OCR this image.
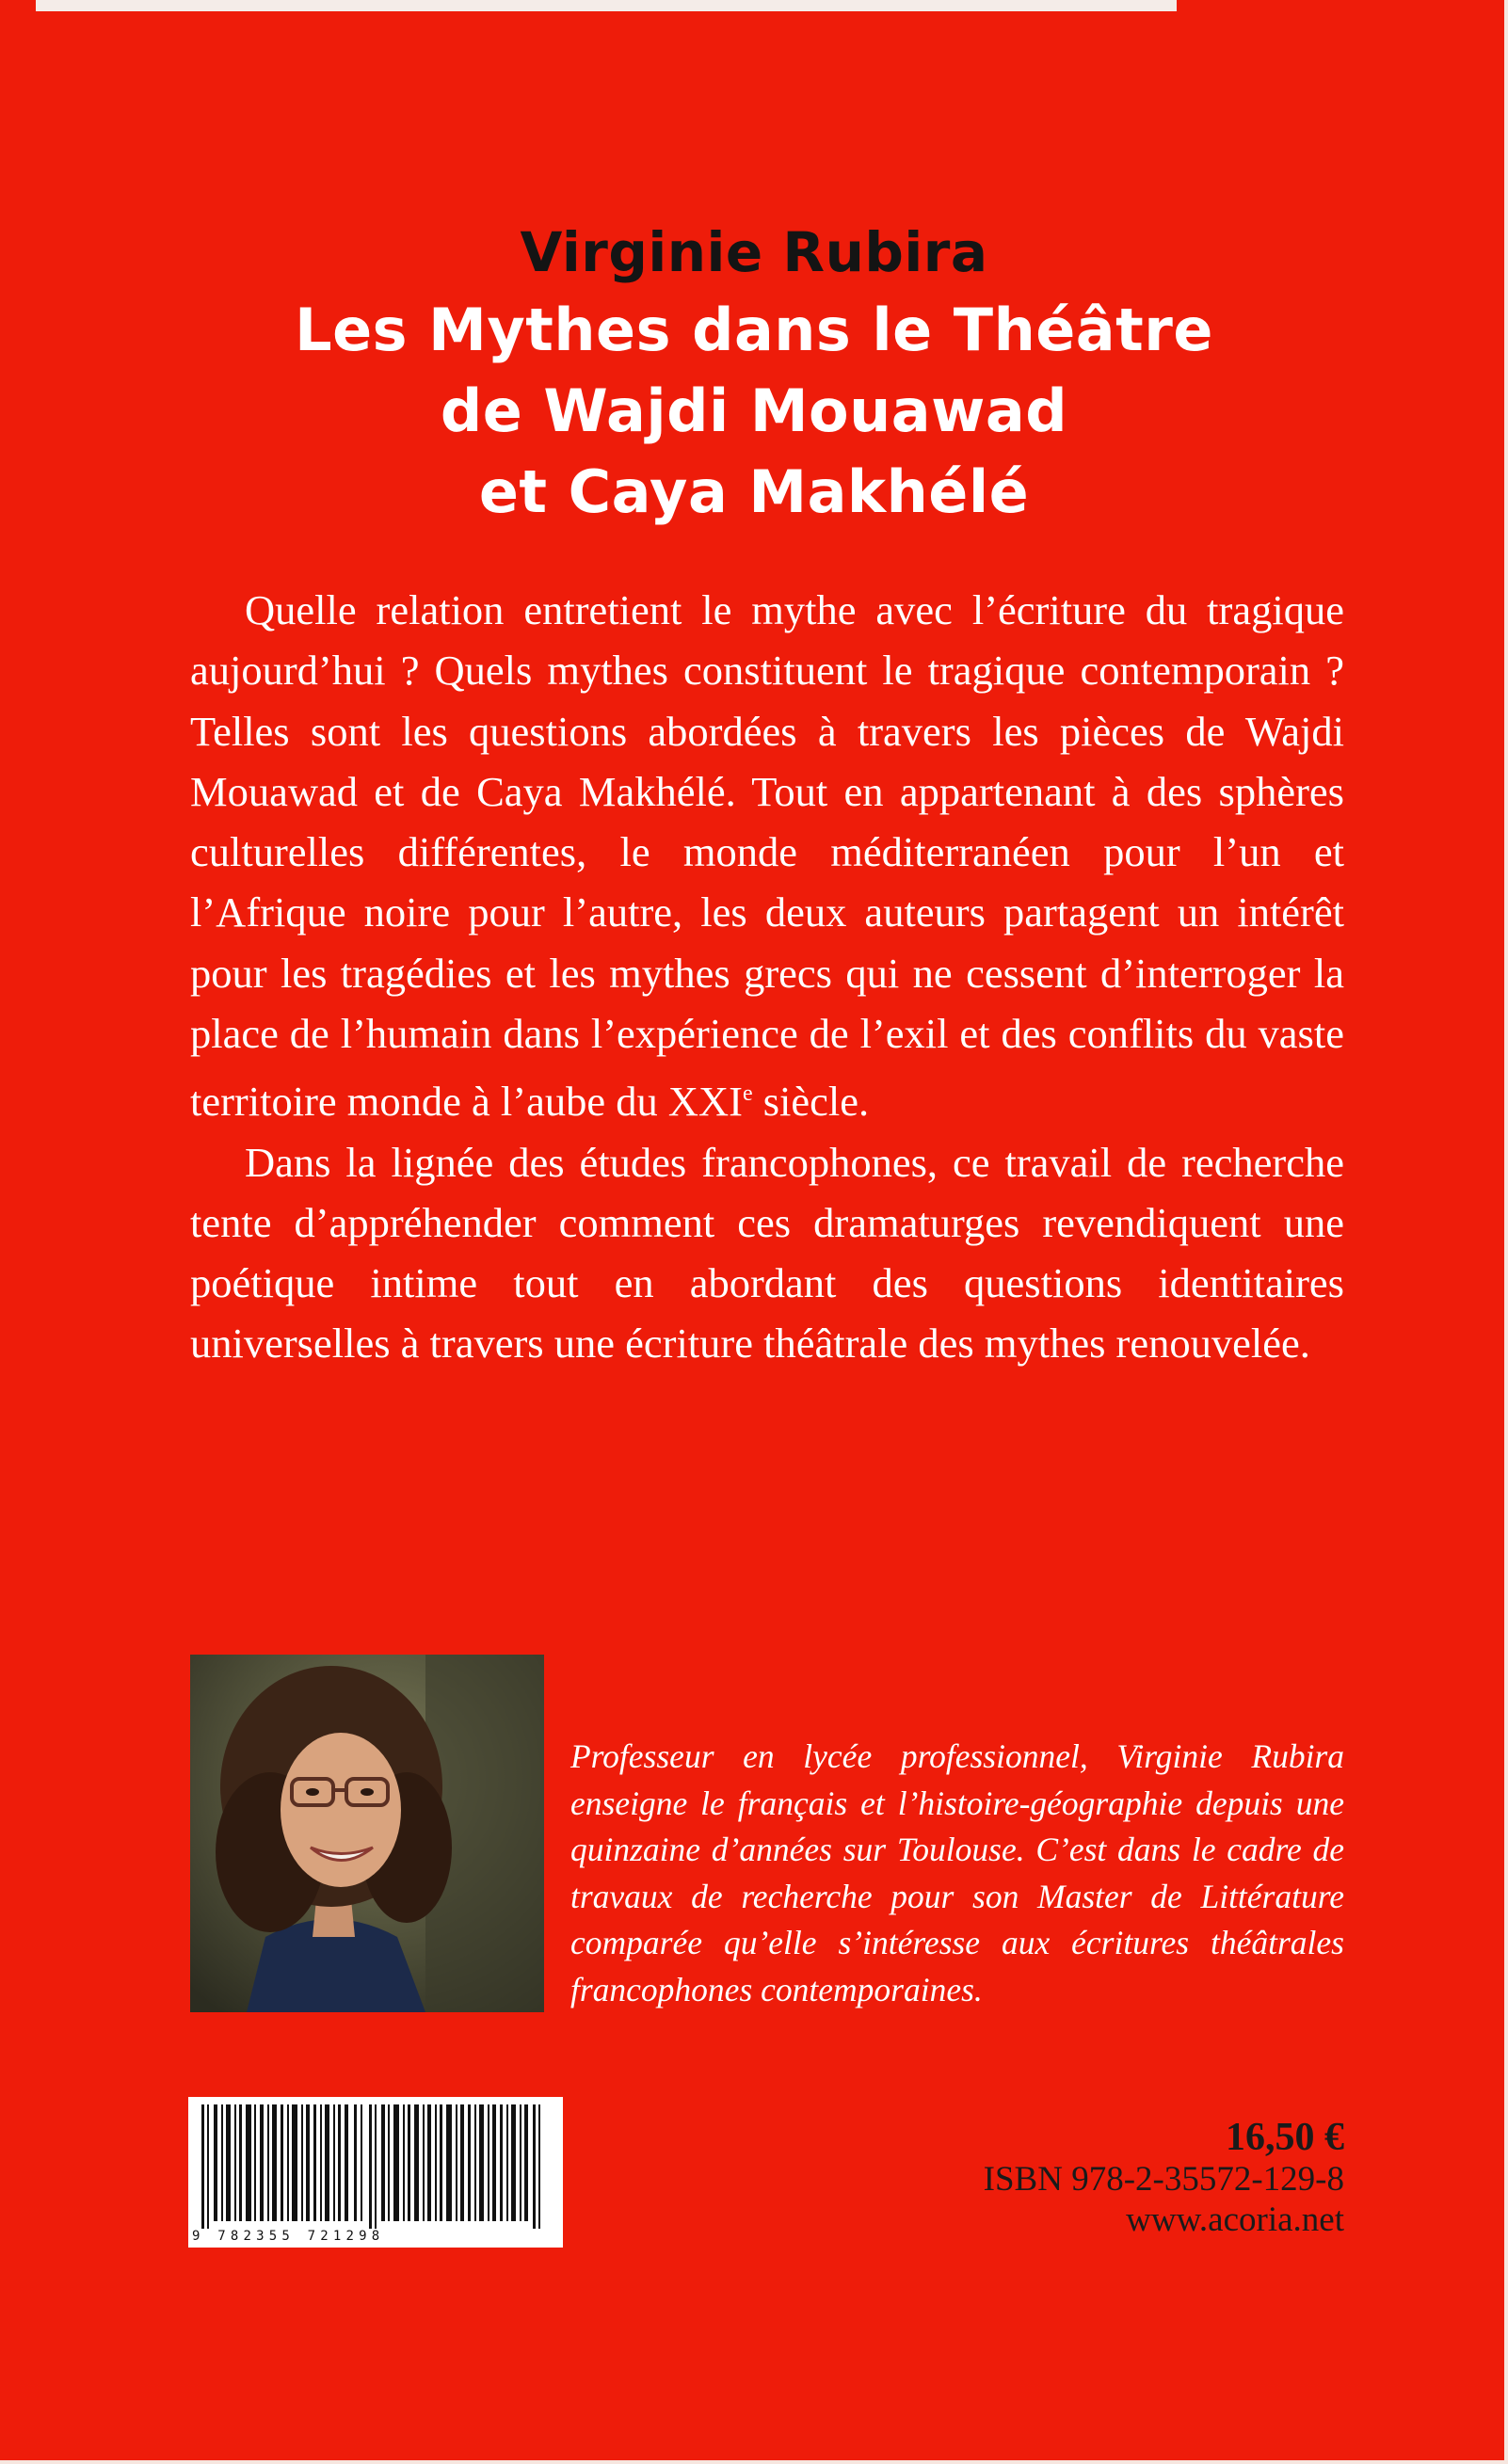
Virginie Rubira
Les Mythes dans le Théâtre
de Wajdi Mouawad
et Caya Makhélé

Quelle relation entretient le mythe avec l’écriture du tragique aujourd’hui ? Quels mythes constituent le tragique contemporain ? Telles sont les questions abordées à travers les pièces de Wajdi Mouawad et de Caya Makhélé. Tout en appartenant à des sphères culturelles différentes, le monde méditerranéen pour l’un et l’Afrique noire pour l’autre, les deux auteurs partagent un intérêt pour les tragédies et les mythes grecs qui ne cessent d’interroger la place de l’humain dans l’expérience de l’exil et des conflits du vaste territoire monde à l’aube du XXIe siècle.

Dans la lignée des études francophones, ce travail de recherche tente d’appréhender comment ces dramaturges revendiquent une poétique intime tout en abordant des questions identitaires universelles à travers une écriture théâtrale des mythes renouvelée.

Professeur en lycée professionnel, Virginie Rubira enseigne le français et l’histoire-géographie depuis une quinzaine d’années sur Toulouse. C’est dans le cadre de travaux de recherche pour son Master de Littérature comparée qu’elle s’intéresse aux écritures théâtrales francophones contemporaines.
9 782355 721298
16,50 €
ISBN 978-2-35572-129-8
www.acoria.net
